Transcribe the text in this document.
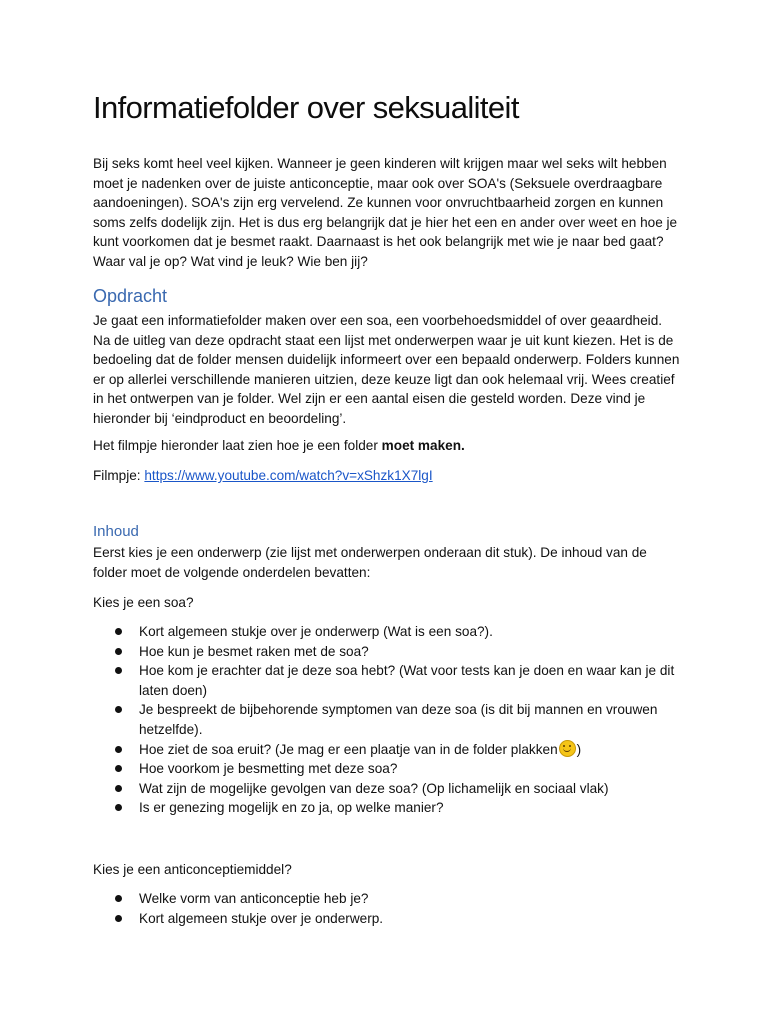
Informatiefolder over seksualiteit

Bij seks komt heel veel kijken. Wanneer je geen kinderen wilt krijgen maar wel seks wilt hebben moet je nadenken over de juiste anticonceptie, maar ook over SOA's (Seksuele overdraagbare aandoeningen). SOA's zijn erg vervelend. Ze kunnen voor onvruchtbaarheid zorgen en kunnen soms zelfs dodelijk zijn. Het is dus erg belangrijk dat je hier het een en ander over weet en hoe je kunt voorkomen dat je besmet raakt. Daarnaast is het ook belangrijk met wie je naar bed gaat? Waar val je op? Wat vind je leuk? Wie ben jij?

Opdracht

Je gaat een informatiefolder maken over een soa, een voorbehoedsmiddel of over geaardheid. Na de uitleg van deze opdracht staat een lijst met onderwerpen waar je uit kunt kiezen. Het is de bedoeling dat de folder mensen duidelijk informeert over een bepaald onderwerp. Folders kunnen er op allerlei verschillende manieren uitzien, deze keuze ligt dan ook helemaal vrij. Wees creatief in het ontwerpen van je folder. Wel zijn er een aantal eisen die gesteld worden. Deze vind je hieronder bij ‘eindproduct en beoordeling’.

Het filmpje hieronder laat zien hoe je een folder moet maken.

Filmpje: https://www.youtube.com/watch?v=xShzk1X7lgI

Inhoud

Eerst kies je een onderwerp (zie lijst met onderwerpen onderaan dit stuk). De inhoud van de folder moet de volgende onderdelen bevatten:

Kies je een soa?

Kort algemeen stukje over je onderwerp (Wat is een soa?).
Hoe kun je besmet raken met de soa?
Hoe kom je erachter dat je deze soa hebt? (Wat voor tests kan je doen en waar kan je dit laten doen)
Je bespreekt de bijbehorende symptomen van deze soa (is dit bij mannen en vrouwen hetzelfde).
Hoe ziet de soa eruit? (Je mag er een plaatje van in de folder plakken )
Hoe voorkom je besmetting met deze soa?
Wat zijn de mogelijke gevolgen van deze soa? (Op lichamelijk en sociaal vlak)
Is er genezing mogelijk en zo ja, op welke manier?

Kies je een anticonceptiemiddel?

Welke vorm van anticonceptie heb je?
Kort algemeen stukje over je onderwerp.
